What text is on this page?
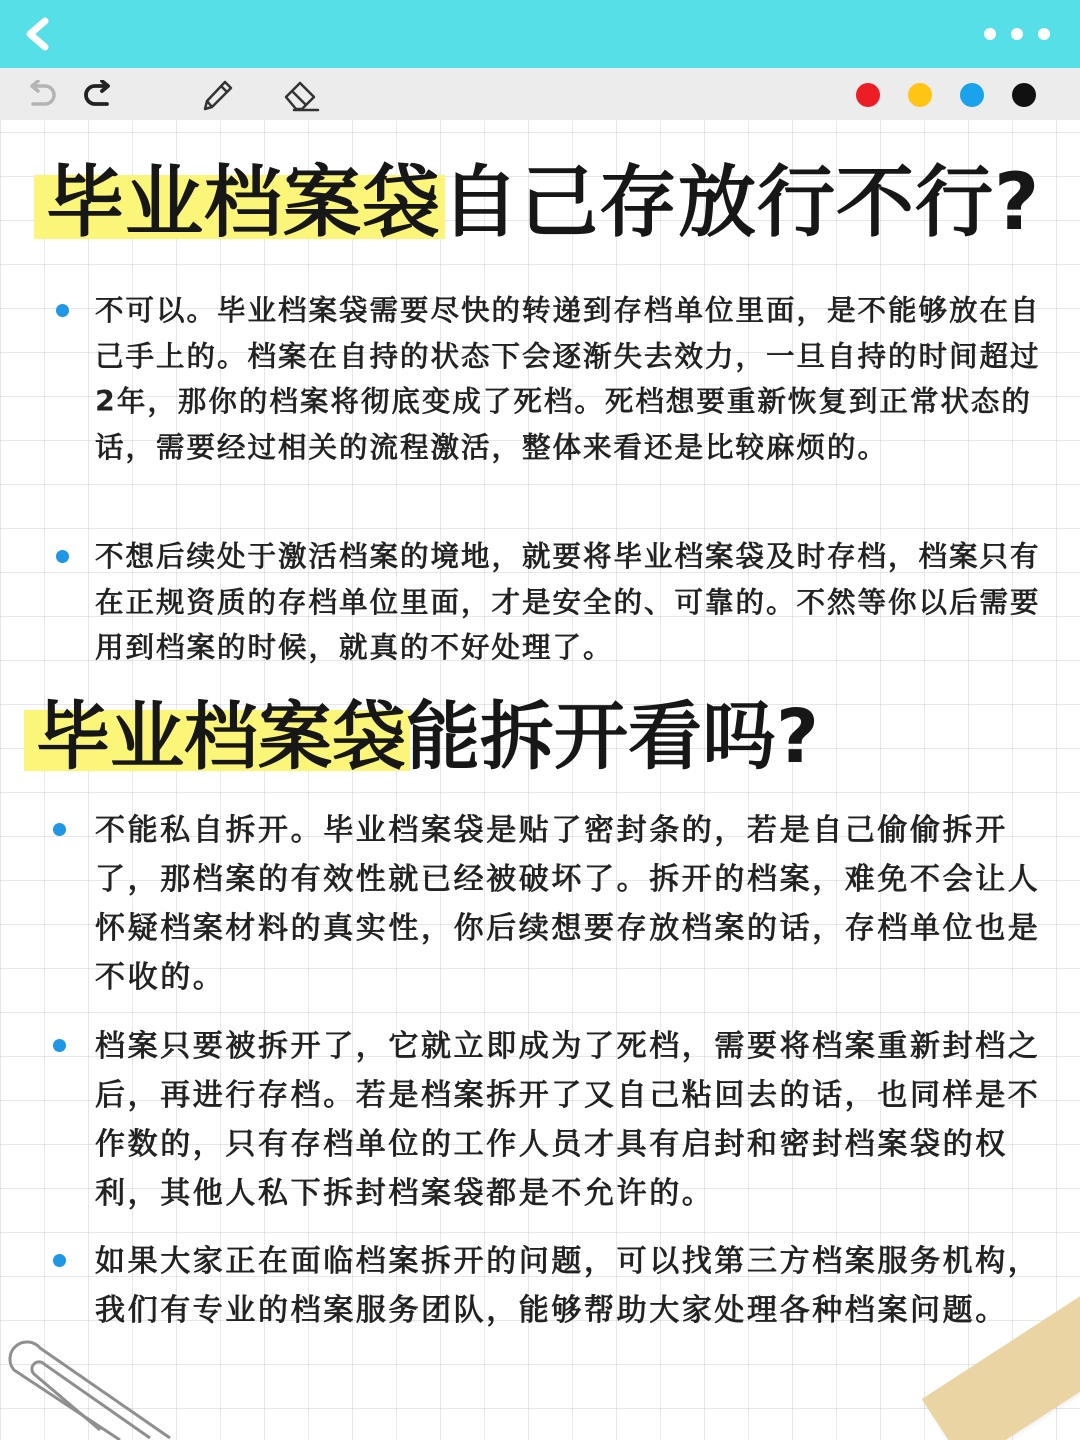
毕业档案袋自己存放行不行?

不可以。毕业档案袋需要尽快的转递到存档单位里面，是不能够放在自己手上的。档案在自持的状态下会逐渐失去效力，一旦自持的时间超过2年，那你的档案将彻底变成了死档。死档想要重新恢复到正常状态的话，需要经过相关的流程激活，整体来看还是比较麻烦的。

不想后续处于激活档案的境地，就要将毕业档案袋及时存档，档案只有在正规资质的存档单位里面，才是安全的、可靠的。不然等你以后需要用到档案的时候，就真的不好处理了。

毕业档案袋能拆开看吗?

不能私自拆开。毕业档案袋是贴了密封条的，若是自己偷偷拆开了，那档案的有效性就已经被破坏了。拆开的档案，难免不会让人怀疑档案材料的真实性，你后续想要存放档案的话，存档单位也是不收的。

档案只要被拆开了，它就立即成为了死档，需要将档案重新封档之后，再进行存档。若是档案拆开了又自己粘回去的话，也同样是不作数的，只有存档单位的工作人员才具有启封和密封档案袋的权利，其他人私下拆封档案袋都是不允许的。

如果大家正在面临档案拆开的问题，可以找第三方档案服务机构，我们有专业的档案服务团队，能够帮助大家处理各种档案问题。
